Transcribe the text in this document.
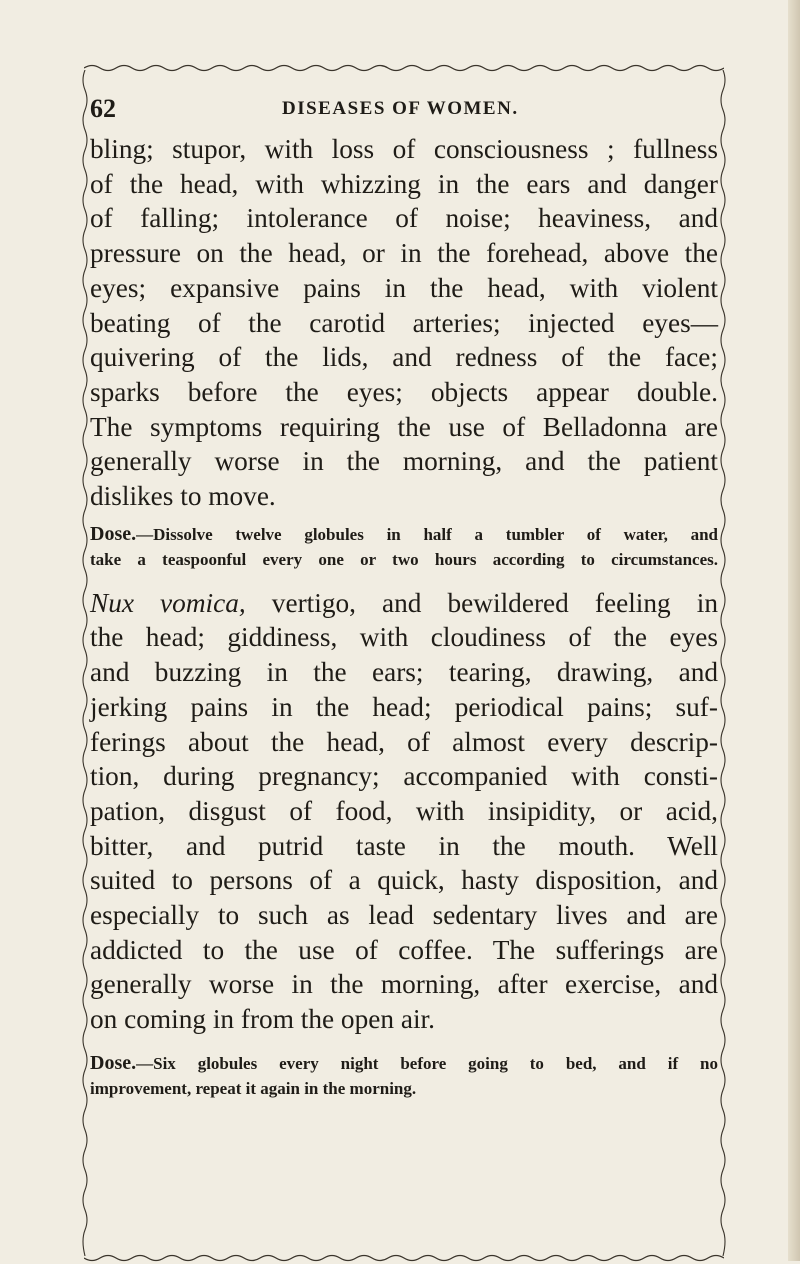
62	DISEASES OF WOMEN.

bling; stupor, with loss of consciousness ; fullness
of the head, with whizzing in the ears and danger
of falling; intolerance of noise; heaviness, and
pressure on the head, or in the forehead, above the
eyes; expansive pains in the head, with violent
beating of the carotid arteries; injected eyes—
quivering of the lids, and redness of the face;
sparks before the eyes; objects appear double.
The symptoms requiring the use of Belladonna are
generally worse in the morning, and the patient
dislikes to move.

Dose.—Dissolve twelve globules in half a tumbler of water, and
take a teaspoonful every one or two hours according to circumstances.

Nux vomica, vertigo, and bewildered feeling in
the head; giddiness, with cloudiness of the eyes
and buzzing in the ears; tearing, drawing, and
jerking pains in the head; periodical pains; suf-
ferings about the head, of almost every descrip-
tion, during pregnancy; accompanied with consti-
pation, disgust of food, with insipidity, or acid,
bitter, and putrid taste in the mouth. Well
suited to persons of a quick, hasty disposition, and
especially to such as lead sedentary lives and are
addicted to the use of coffee. The sufferings are
generally worse in the morning, after exercise, and
on coming in from the open air.

Dose.—Six globules every night before going to bed, and if no
improvement, repeat it again in the morning.
